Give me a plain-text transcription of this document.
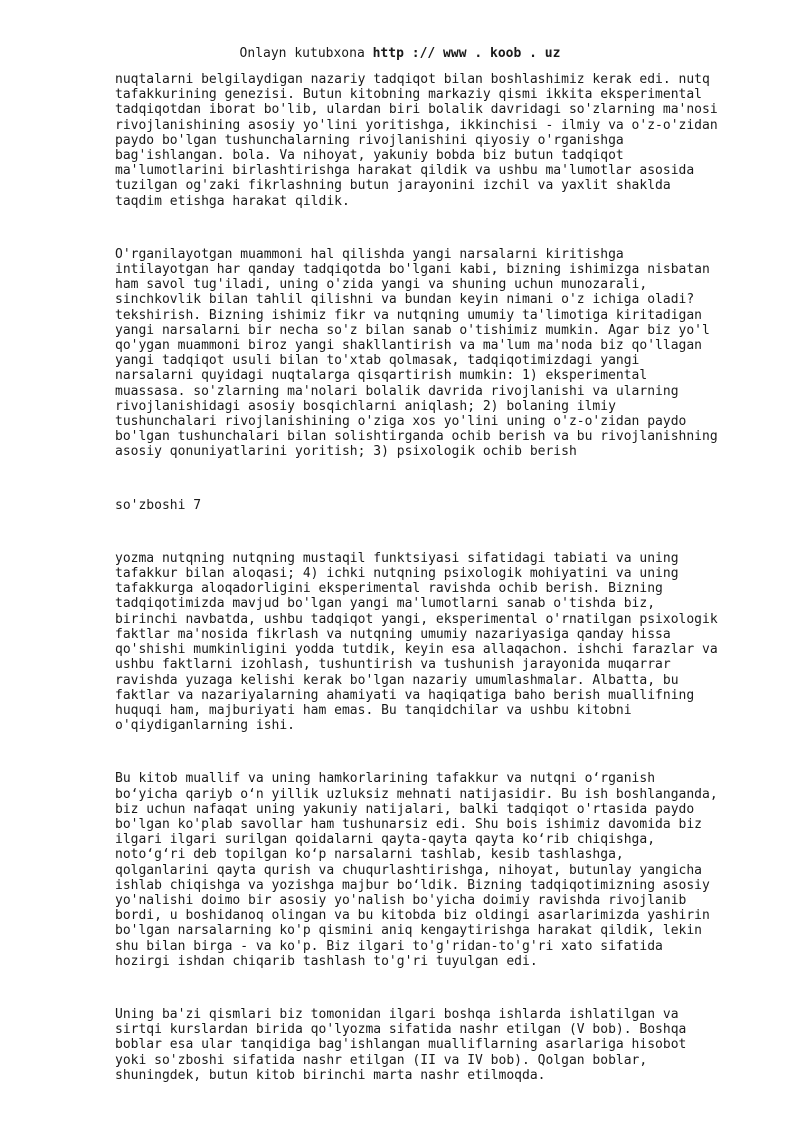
Onlayn kutubxona http :// www . koob . uz

nuqtalarni belgilaydigan nazariy tadqiqot bilan boshlashimiz kerak edi. nutq
tafakkurining genezisi. Butun kitobning markaziy qismi ikkita eksperimental
tadqiqotdan iborat bo'lib, ulardan biri bolalik davridagi so'zlarning ma'nosi
rivojlanishining asosiy yo'lini yoritishga, ikkinchisi - ilmiy va o'z-o'zidan
paydo bo'lgan tushunchalarning rivojlanishini qiyosiy o'rganishga
bag'ishlangan. bola. Va nihoyat, yakuniy bobda biz butun tadqiqot
ma'lumotlarini birlashtirishga harakat qildik va ushbu ma'lumotlar asosida
tuzilgan og'zaki fikrlashning butun jarayonini izchil va yaxlit shaklda
taqdim etishga harakat qildik.

O'rganilayotgan muammoni hal qilishda yangi narsalarni kiritishga
intilayotgan har qanday tadqiqotda bo'lgani kabi, bizning ishimizga nisbatan
ham savol tug'iladi, uning o'zida yangi va shuning uchun munozarali,
sinchkovlik bilan tahlil qilishni va bundan keyin nimani o'z ichiga oladi?
tekshirish. Bizning ishimiz fikr va nutqning umumiy ta'limotiga kiritadigan
yangi narsalarni bir necha so'z bilan sanab o'tishimiz mumkin. Agar biz yo'l
qo'ygan muammoni biroz yangi shakllantirish va ma'lum ma'noda biz qo'llagan
yangi tadqiqot usuli bilan to'xtab qolmasak, tadqiqotimizdagi yangi
narsalarni quyidagi nuqtalarga qisqartirish mumkin: 1) eksperimental
muassasa. so'zlarning ma'nolari bolalik davrida rivojlanishi va ularning
rivojlanishidagi asosiy bosqichlarni aniqlash; 2) bolaning ilmiy
tushunchalari rivojlanishining o'ziga xos yo'lini uning o'z-o'zidan paydo
bo'lgan tushunchalari bilan solishtirganda ochib berish va bu rivojlanishning
asosiy qonuniyatlarini yoritish; 3) psixologik ochib berish

so'zboshi 7

yozma nutqning nutqning mustaqil funktsiyasi sifatidagi tabiati va uning
tafakkur bilan aloqasi; 4) ichki nutqning psixologik mohiyatini va uning
tafakkurga aloqadorligini eksperimental ravishda ochib berish. Bizning
tadqiqotimizda mavjud bo'lgan yangi ma'lumotlarni sanab o'tishda biz,
birinchi navbatda, ushbu tadqiqot yangi, eksperimental o'rnatilgan psixologik
faktlar ma'nosida fikrlash va nutqning umumiy nazariyasiga qanday hissa
qo'shishi mumkinligini yodda tutdik, keyin esa allaqachon. ishchi farazlar va
ushbu faktlarni izohlash, tushuntirish va tushunish jarayonida muqarrar
ravishda yuzaga kelishi kerak bo'lgan nazariy umumlashmalar. Albatta, bu
faktlar va nazariyalarning ahamiyati va haqiqatiga baho berish muallifning
huquqi ham, majburiyati ham emas. Bu tanqidchilar va ushbu kitobni
o'qiydiganlarning ishi.

Bu kitob muallif va uning hamkorlarining tafakkur va nutqni o‘rganish
bo‘yicha qariyb o‘n yillik uzluksiz mehnati natijasidir. Bu ish boshlanganda,
biz uchun nafaqat uning yakuniy natijalari, balki tadqiqot o'rtasida paydo
bo'lgan ko'plab savollar ham tushunarsiz edi. Shu bois ishimiz davomida biz
ilgari ilgari surilgan qoidalarni qayta-qayta qayta ko‘rib chiqishga,
noto‘g‘ri deb topilgan ko‘p narsalarni tashlab, kesib tashlashga,
qolganlarini qayta qurish va chuqurlashtirishga, nihoyat, butunlay yangicha
ishlab chiqishga va yozishga majbur bo‘ldik. Bizning tadqiqotimizning asosiy
yo'nalishi doimo bir asosiy yo'nalish bo'yicha doimiy ravishda rivojlanib
bordi, u boshidanoq olingan va bu kitobda biz oldingi asarlarimizda yashirin
bo'lgan narsalarning ko'p qismini aniq kengaytirishga harakat qildik, lekin
shu bilan birga - va ko'p. Biz ilgari to'g'ridan-to'g'ri xato sifatida
hozirgi ishdan chiqarib tashlash to'g'ri tuyulgan edi.

Uning ba'zi qismlari biz tomonidan ilgari boshqa ishlarda ishlatilgan va
sirtqi kurslardan birida qo'lyozma sifatida nashr etilgan (V bob). Boshqa
boblar esa ular tanqidiga bag'ishlangan mualliflarning asarlariga hisobot
yoki so'zboshi sifatida nashr etilgan (II va IV bob). Qolgan boblar,
shuningdek, butun kitob birinchi marta nashr etilmoqda.
